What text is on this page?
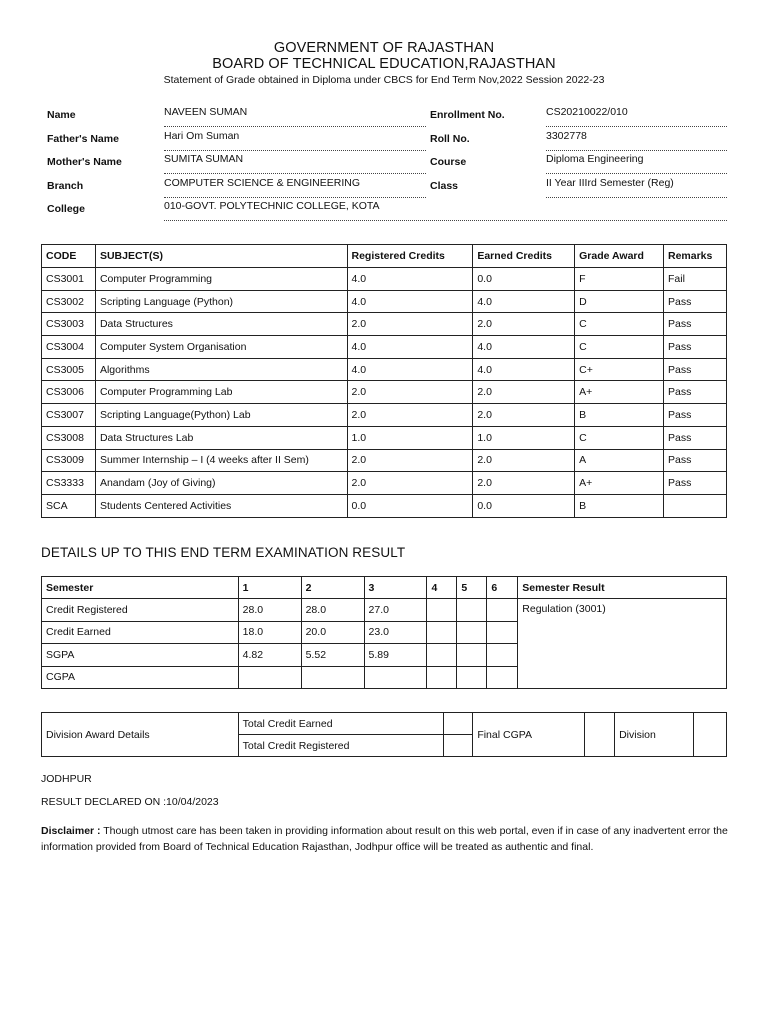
GOVERNMENT OF RAJASTHAN
BOARD OF TECHNICAL EDUCATION,RAJASTHAN
Statement of Grade obtained in Diploma under CBCS for End Term Nov,2022 Session 2022-23
Name	NAVEEN SUMAN	Enrollment No.	CS20210022/010
Father's Name	Hari Om Suman	Roll No.	3302778
Mother's Name	SUMITA SUMAN	Course	Diploma Engineering
Branch	COMPUTER SCIENCE & ENGINEERING	Class	II Year IIIrd Semester (Reg)
College	010-GOVT. POLYTECHNIC COLLEGE, KOTA
CODE	SUBJECT(S)	Registered Credits	Earned Credits	Grade Award	Remarks
CS3001	Computer Programming	4.0	0.0	F	Fail
CS3002	Scripting Language (Python)	4.0	4.0	D	Pass
CS3003	Data Structures	2.0	2.0	C	Pass
CS3004	Computer System Organisation	4.0	4.0	C	Pass
CS3005	Algorithms	4.0	4.0	C+	Pass
CS3006	Computer Programming Lab	2.0	2.0	A+	Pass
CS3007	Scripting Language(Python) Lab	2.0	2.0	B	Pass
CS3008	Data Structures Lab	1.0	1.0	C	Pass
CS3009	Summer Internship – I (4 weeks after II Sem)	2.0	2.0	A	Pass
CS3333	Anandam (Joy of Giving)	2.0	2.0	A+	Pass
SCA	Students Centered Activities	0.0	0.0	B	
DETAILS UP TO THIS END TERM EXAMINATION RESULT
Semester	1	2	3	4	5	6	Semester Result
Credit Registered	28.0	28.0	27.0				Regulation (3001)
Credit Earned	18.0	20.0	23.0				
SGPA	4.82	5.52	5.89				
CGPA							
Division Award Details	Total Credit Earned		Final CGPA		Division	
	Total Credit Registered					
JODHPUR
RESULT DECLARED ON :10/04/2023
Disclaimer : Though utmost care has been taken in providing information about result on this web portal, even if in case of any inadvertent error the information provided from Board of Technical Education Rajasthan, Jodhpur office will be treated as authentic and final.
